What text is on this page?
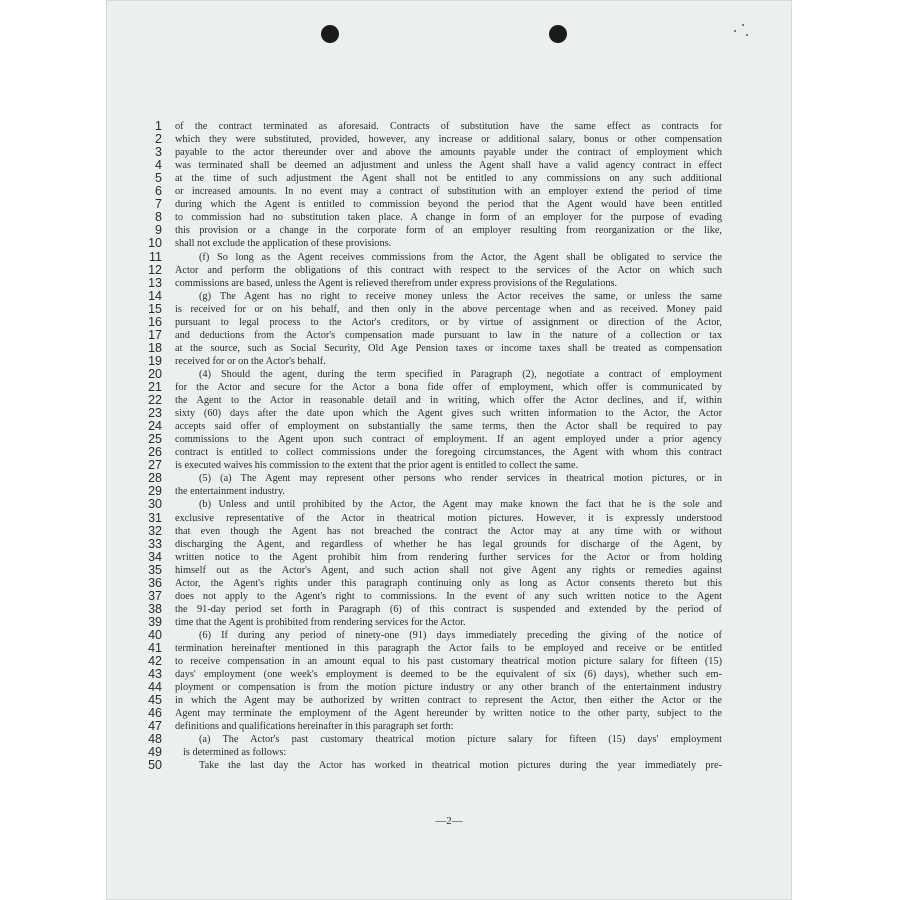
1 of the contract terminated as aforesaid. Contracts of substitution have the same effect as contracts for
2 which they were substituted, provided, however, any increase or additional salary, bonus or other compensation
3 payable to the actor thereunder over and above the amounts payable under the contract of employment which
4 was terminated shall be deemed an adjustment and unless the Agent shall have a valid agency contract in effect
5 at the time of such adjustment the Agent shall not be entitled to any commissions on any such additional
6 or increased amounts. In no event may a contract of substitution with an employer extend the period of time
7 during which the Agent is entitled to commission beyond the period that the Agent would have been entitled
8 to commission had no substitution taken place. A change in form of an employer for the purpose of evading
9 this provision or a change in the corporate form of an employer resulting from reorganization or the like,
10 shall not exclude the application of these provisions.
11	(f) So long as the Agent receives commissions from the Actor, the Agent shall be obligated to service the
12 Actor and perform the obligations of this contract with respect to the services of the Actor on which such
13 commissions are based, unless the Agent is relieved therefrom under express provisions of the Regulations.
14	(g) The Agent has no right to receive money unless the Actor receives the same, or unless the same
15 is received for or on his behalf, and then only in the above percentage when and as received. Money paid
16 pursuant to legal process to the Actor's creditors, or by virtue of assignment or direction of the Actor,
17 and deductions from the Actor's compensation made pursuant to law in the nature of a collection or tax
18 at the source, such as Social Security, Old Age Pension taxes or income taxes shall be treated as compensation
19 received for or on the Actor's behalf.
20	(4) Should the agent, during the term specified in Paragraph (2), negotiate a contract of employment
21 for the Actor and secure for the Actor a bona fide offer of employment, which offer is communicated by
22 the Agent to the Actor in reasonable detail and in writing, which offer the Actor declines, and if, within
23 sixty (60) days after the date upon which the Agent gives such written information to the Actor, the Actor
24 accepts said offer of employment on substantially the same terms, then the Actor shall be required to pay
25 commissions to the Agent upon such contract of employment. If an agent employed under a prior agency
26 contract is entitled to collect commissions under the foregoing circumstances, the Agent with whom this contract
27 is executed waives his commission to the extent that the prior agent is entitled to collect the same.
28	(5) (a) The Agent may represent other persons who render services in theatrical motion pictures, or in
29 the entertainment industry.
30	(b) Unless and until prohibited by the Actor, the Agent may make known the fact that he is the sole and
31 exclusive representative of the Actor in theatrical motion pictures. However, it is expressly understood
32 that even though the Agent has not breached the contract the Actor may at any time with or without
33 discharging the Agent, and regardless of whether he has legal grounds for discharge of the Agent, by
34 written notice to the Agent prohibit him from rendering further services for the Actor or from holding
35 himself out as the Actor's Agent, and such action shall not give Agent any rights or remedies against
36 Actor, the Agent's rights under this paragraph continuing only as long as Actor consents thereto but this
37 does not apply to the Agent's right to commissions. In the event of any such written notice to the Agent
38 the 91-day period set forth in Paragraph (6) of this contract is suspended and extended by the period of
39 time that the Agent is prohibited from rendering services for the Actor.
40	(6) If during any period of ninety-one (91) days immediately preceding the giving of the notice of
41 termination hereinafter mentioned in this paragraph the Actor fails to be employed and receive or be entitled
42 to receive compensation in an amount equal to his past customary theatrical motion picture salary for fifteen (15)
43 days' employment (one week's employment is deemed to be the equivalent of six (6) days), whether such em-
44 ployment or compensation is from the motion picture industry or any other branch of the entertainment industry
45 in which the Agent may be authorized by written contract to represent the Actor, then either the Actor or the
46 Agent may terminate the employment of the Agent hereunder by written notice to the other party, subject to the
47 definitions and qualifications hereinafter in this paragraph set forth:
48	(a) The Actor's past customary theatrical motion picture salary for fifteen (15) days' employment
49	is determined as follows:
50	Take the last day the Actor has worked in theatrical motion pictures during the year immediately pre-
—2—
